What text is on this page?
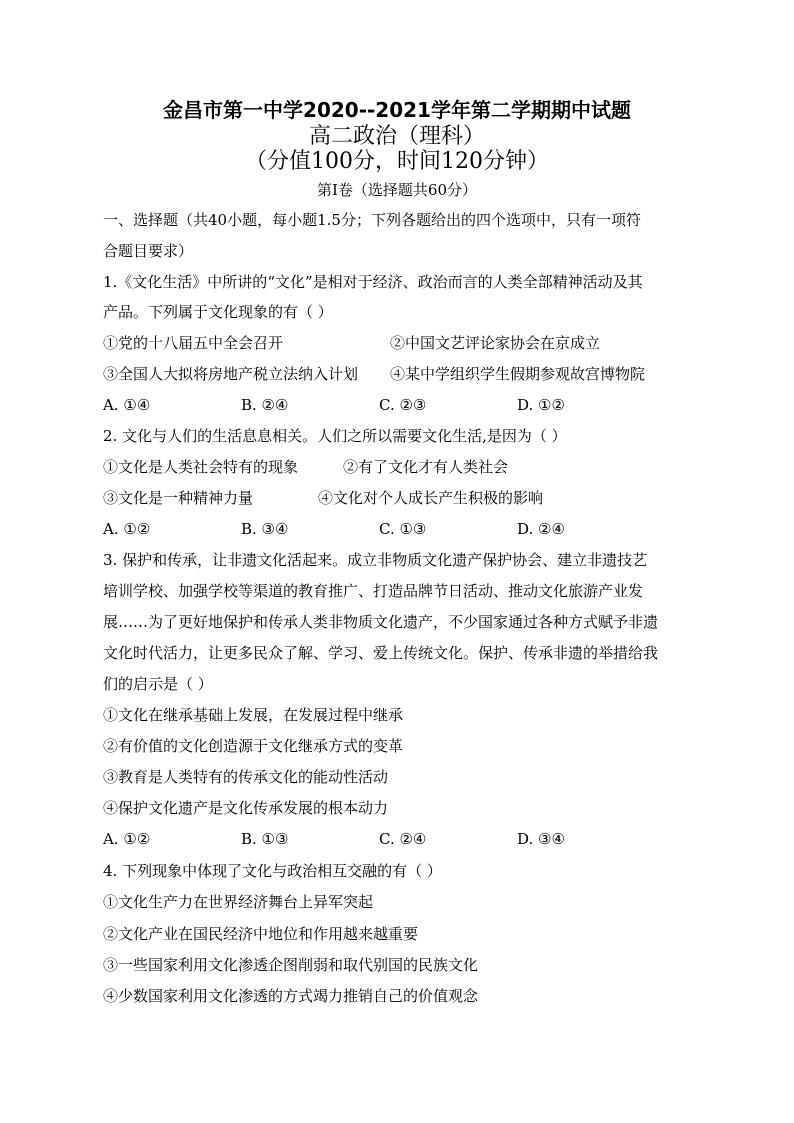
金昌市第一中学2020--2021学年第二学期期中试题
高二政治（理科）
（分值100分，时间120分钟）
第Ⅰ卷（选择题共60分）
一、选择题（共40小题，每小题1.5分；下列各题给出的四个选项中，只有一项符
合题目要求）
1.《文化生活》中所讲的“文化”是相对于经济、政治而言的人类全部精神活动及其
产品。下列属于文化现象的有（ ）
①党的十八届五中全会召开	②中国文艺评论家协会在京成立
③全国人大拟将房地产税立法纳入计划 ④某中学组织学生假期参观故宫博物院
A. ①④	B. ②④	C. ②③	D. ①②
2. 文化与人们的生活息息相关。人们之所以需要文化生活,是因为（ ）
①文化是人类社会特有的现象	②有了文化才有人类社会
③文化是一种精神力量	④文化对个人成长产生积极的影响
A. ①②	B. ③④	C. ①③	D. ②④
3. 保护和传承，让非遗文化活起来。成立非物质文化遗产保护协会、建立非遗技艺
培训学校、加强学校等渠道的教育推广、打造品牌节日活动、推动文化旅游产业发
展……为了更好地保护和传承人类非物质文化遗产，不少国家通过各种方式赋予非遗
文化时代活力，让更多民众了解、学习、爱上传统文化。保护、传承非遗的举措给我
们的启示是（ ）
①文化在继承基础上发展，在发展过程中继承
②有价值的文化创造源于文化继承方式的变革
③教育是人类特有的传承文化的能动性活动
④保护文化遗产是文化传承发展的根本动力
A. ①②	B. ①③	C. ②④	D. ③④
4. 下列现象中体现了文化与政治相互交融的有（ ）
①文化生产力在世界经济舞台上异军突起
②文化产业在国民经济中地位和作用越来越重要
③一些国家利用文化渗透企图削弱和取代别国的民族文化
④少数国家利用文化渗透的方式竭力推销自己的价值观念
